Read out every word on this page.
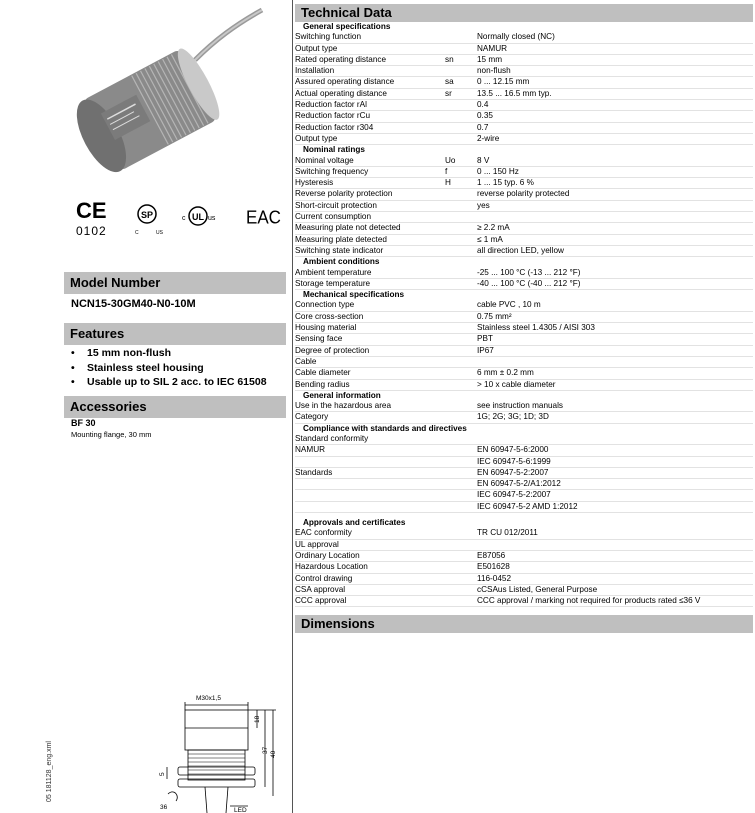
CE	SP
C	US
c UL us EAC
0102
Model Number
NCN15-30GM40-N0-10M
Features
• 15 mm non-flush
• Stainless steel housing
• Usable up to SIL 2 acc. to IEC 61508
Accessories
BF 30
Mounting flange, 30 mm
05 181128_eng.xml
Technical Data
General specifications		
Switching function		Normally closed (NC)
Output type		NAMUR
Rated operating distance	sn	15 mm
Installation		non-flush
Assured operating distance	sa	0 ... 12.15 mm
Actual operating distance	sr	13.5 ... 16.5 mm typ.
Reduction factor rAl		0.4
Reduction factor rCu		0.35
Reduction factor r304		0.7
Output type		2-wire
Nominal ratings		
Nominal voltage	Uo	8 V
Switching frequency	f	0 ... 150 Hz
Hysteresis	H	1 ... 15 typ. 6 %
Reverse polarity protection		reverse polarity protected
Short-circuit protection		yes
Current consumption		
Measuring plate not detected		≥ 2.2 mA
Measuring plate detected		≤ 1 mA
Switching state indicator		all direction LED, yellow
Ambient conditions		
Ambient temperature		-25 ... 100 °C (-13 ... 212 °F)
Storage temperature		-40 ... 100 °C (-40 ... 212 °F)
Mechanical specifications		
Connection type		cable PVC , 10 m
Core cross-section		0.75 mm²
Housing material		Stainless steel 1.4305 / AISI 303
Sensing face		PBT
Degree of protection		IP67
Cable		
Cable diameter		6 mm ± 0.2 mm
Bending radius		> 10 x cable diameter
General information		
Use in the hazardous area		see instruction manuals
Category		1G; 2G; 3G; 1D; 3D
Compliance with standards and directives		
Standard conformity		
NAMUR		EN 60947-5-6:2000
		IEC 60947-5-6:1999
Standards		EN 60947-5-2:2007
		EN 60947-5-2/A1:2012
		IEC 60947-5-2:2007
		IEC 60947-5-2 AMD 1:2012

Approvals and certificates		
EAC conformity		TR CU 012/2011
UL approval		
Ordinary Location		E87056
Hazardous Location		E501628
Control drawing		116-0452
CSA approval		cCSAus Listed, General Purpose
CCC approval		CCC approval / marking not required for products rated ≤36 V
Dimensions
M30x1,5
18
37
40
5
36	LED
